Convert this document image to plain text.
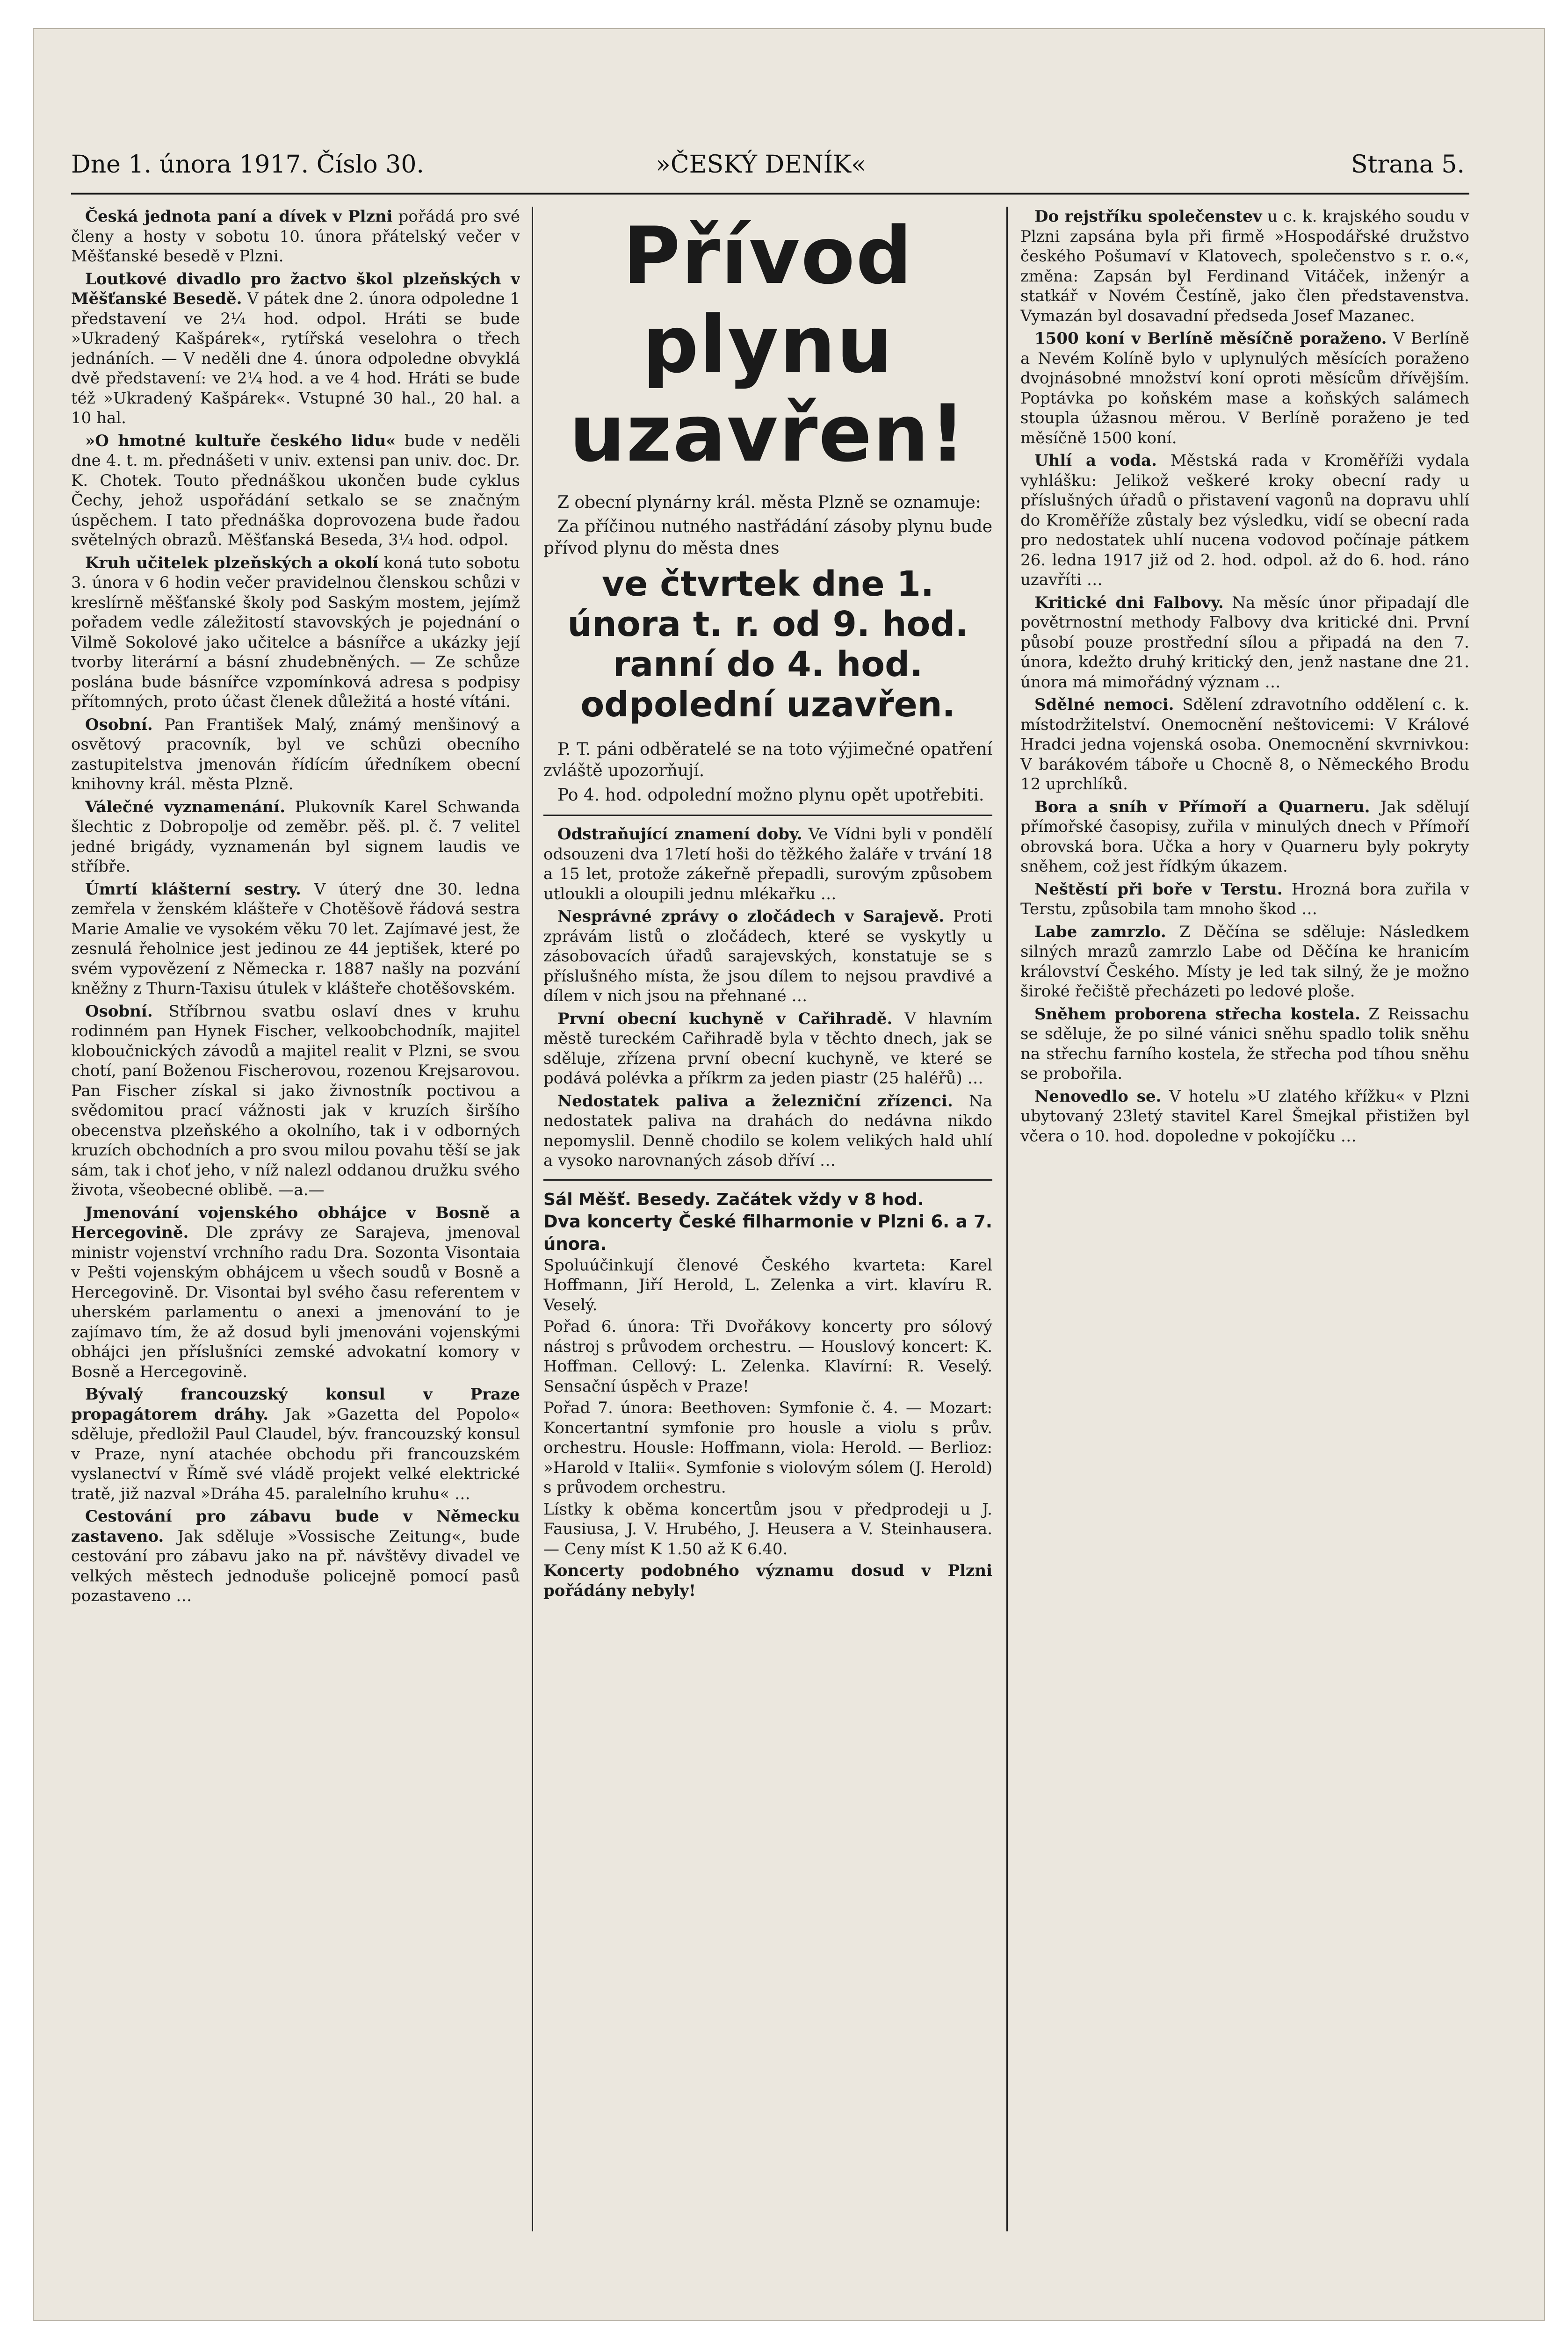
Dne 1. února 1917. Číslo 30.	»ČESKÝ DENÍK«	Strana 5.

Česká jednota paní a dívek v Plzni pořádá pro své členy a hosty v sobotu 10. února přátelský večer v Měšťanské besedě v Plzni.

Loutkové divadlo pro žactvo škol plzeňských v Měšťanské Besedě. V pátek dne 2. února odpoledne 1 představení ve 2¼ hod. odpol. Hráti se bude »Ukradený Kašpárek«, rytířská veselohra o třech jednáních. — V neděli dne 4. února odpoledne obvyklá dvě představení: ve 2¼ hod. a ve 4 hod. Hráti se bude též »Ukradený Kašpárek«. Vstupné 30 hal., 20 hal. a 10 hal.

»O hmotné kultuře českého lidu« bude v neděli dne 4. t. m. přednášeti v univ. extensi pan univ. doc. Dr. K. Chotek. Touto přednáškou ukončen bude cyklus Čechy, jehož uspořádání setkalo se se značným úspěchem. I tato přednáška doprovozena bude řadou světelných obrazů. Měšťanská Beseda, 3¼ hod. odpol.

Kruh učitelek plzeňských a okolí koná tuto sobotu 3. února v 6 hodin večer pravidelnou členskou schůzi v kreslírně měšťanské školy pod Saským mostem, jejímž pořadem vedle záležitostí stavovských je pojednání o Vilmě Sokolové jako učitelce a básnířce a ukázky její tvorby literární a básní zhudebněných. — Ze schůze poslána bude básnířce vzpomínková adresa s podpisy přítomných, proto účast členek důležitá a hosté vítáni.

Osobní. Pan František Malý, známý menšinový a osvětový pracovník, byl ve schůzi obecního zastupitelstva jmenován řídícím úředníkem obecní knihovny král. města Plzně.

Válečné vyznamenání. Plukovník Karel Schwanda šlechtic z Dobropolje od zeměbr. pěš. pl. č. 7 velitel jedné brigády, vyznamenán byl signem laudis ve stříbře.

Úmrtí klášterní sestry. V úterý dne 30. ledna zemřela v ženském klášteře v Chotěšově řádová sestra Marie Amalie ve vysokém věku 70 let. Zajímavé jest, že zesnulá řeholnice jest jedinou ze 44 jeptišek, které po svém vypovězení z Německa r. 1887 našly na pozvání kněžny z Thurn-Taxisu útulek v klášteře chotěšovském.

Osobní. Stříbrnou svatbu oslaví dnes v kruhu rodinném pan Hynek Fischer, velkoobchodník, majitel kloboučnických závodů a majitel realit v Plzni, se svou chotí, paní Boženou Fischerovou, rozenou Krejsarovou. Pan Fischer získal si jako živnostník poctivou a svědomitou prací vážnosti jak v kruzích širšího obecenstva plzeňského a okolního, tak i v odborných kruzích obchodních a pro svou milou povahu těší se jak sám, tak i choť jeho, v níž nalezl oddanou družku svého života, všeobecné oblibě. —a.—

Jmenování vojenského obhájce v Bosně a Hercegovině. Dle zprávy ze Sarajeva, jmenoval ministr vojenství vrchního radu Dra. Sozonta Visontaia v Pešti vojenským obhájcem u všech soudů v Bosně a Hercegovině. Dr. Visontai byl svého času referentem v uherském parlamentu o anexi a jmenování to je zajímavo tím, že až dosud byli jmenováni vojenskými obhájci jen příslušníci zemské advokatní komory v Bosně a Hercegovině.

Bývalý francouzský konsul v Praze propagátorem dráhy. Jak »Gazetta del Popolo« sděluje, předložil Paul Claudel, býv. francouzský konsul v Praze, nyní atachée obchodu při francouzském vyslanectví v Římě své vládě projekt velké elektrické tratě, již nazval »Dráha 45. paralelního kruhu« …

Cestování pro zábavu bude v Německu zastaveno. Jak sděluje »Vossische Zeitung«, bude cestování pro zábavu jako na př. návštěvy divadel ve velkých městech jednoduše policejně pomocí pasů pozastaveno …

Přívod plynu uzavřen!
Z obecní plynárny král. města Plzně se oznamuje:
Za příčinou nutného nastřádání zásoby plynu bude přívod plynu do města dnes
ve čtvrtek dne 1. února t. r. od 9. hod. ranní do 4. hod. odpolední uzavřen.
P. T. páni odběratelé se na toto výjimečné opatření zvláště upozorňují.
Po 4. hod. odpolední možno plynu opět upotřebiti.

Odstraňující znamení doby. Ve Vídni byli v pondělí odsouzeni dva 17letí hoši do těžkého žaláře v trvání 18 a 15 let, protože zákeřně přepadli, surovým způsobem utloukli a oloupili jednu mlékařku …

Nesprávné zprávy o zločádech v Sarajevě. Proti zprávám listů o zločádech, které se vyskytly u zásobovacích úřadů sarajevských, konstatuje se s příslušného místa, že jsou dílem to nejsou pravdivé a dílem v nich jsou na přehnané …

První obecní kuchyně v Cařihradě. V hlavním městě tureckém Cařihradě byla v těchto dnech, jak se sděluje, zřízena první obecní kuchyně, ve které se podává polévka a příkrm za jeden piastr (25 haléřů) …

Nedostatek paliva a železniční zřízenci. Na nedostatek paliva na drahách do nedávna nikdo nepomyslil. Denně chodilo se kolem velikých hald uhlí a vysoko narovnaných zásob dříví …

Sál Měšť. Besedy. Začátek vždy v 8 hod.
Dva koncerty České filharmonie v Plzni 6. a 7. února.

Spoluúčinkují členové Českého kvarteta: Karel Hoffmann, Jiří Herold, L. Zelenka a virt. klavíru R. Veselý.

Pořad 6. února: Tři Dvořákovy koncerty pro sólový nástroj s průvodem orchestru. — Houslový koncert: K. Hoffman. Cellový: L. Zelenka. Klavírní: R. Veselý. Sensační úspěch v Praze!

Pořad 7. února: Beethoven: Symfonie č. 4. — Mozart: Koncertantní symfonie pro housle a violu s prův. orchestru. Housle: Hoffmann, viola: Herold. — Berlioz: »Harold v Italii«. Symfonie s violovým sólem (J. Herold) s průvodem orchestru.

Lístky k oběma koncertům jsou v předprodeji u J. Fausiusa, J. V. Hrubého, J. Heusera a V. Steinhausera. — Ceny míst K 1.50 až K 6.40.

Koncerty podobného významu dosud v Plzni pořádány nebyly!

Do rejstříku společenstev u c. k. krajského soudu v Plzni zapsána byla při firmě »Hospodářské družstvo českého Pošumaví v Klatovech, společenstvo s r. o.«, změna: Zapsán byl Ferdinand Vitáček, inženýr a statkář v Novém Čestíně, jako člen představenstva. Vymazán byl dosavadní předseda Josef Mazanec.

1500 koní v Berlíně měsíčně poraženo. V Berlíně a Nevém Kolíně bylo v uplynulých měsících poraženo dvojnásobné množství koní oproti měsícům dřívějším. Poptávka po koňském mase a koňských salámech stoupla úžasnou měrou. V Berlíně poraženo je teď měsíčně 1500 koní.

Uhlí a voda. Městská rada v Kroměříži vydala vyhlášku: Jelikož veškeré kroky obecní rady u příslušných úřadů o přistavení vagonů na dopravu uhlí do Kroměříže zůstaly bez výsledku, vidí se obecní rada pro nedostatek uhlí nucena vodovod počínaje pátkem 26. ledna 1917 již od 2. hod. odpol. až do 6. hod. ráno uzavříti …

Kritické dni Falbovy. Na měsíc únor připadají dle povětrnostní methody Falbovy dva kritické dni. První působí pouze prostřední sílou a připadá na den 7. února, kdežto druhý kritický den, jenž nastane dne 21. února má mimořádný význam …

Sdělné nemoci. Sdělení zdravotního oddělení c. k. místodržitelství. Onemocnění neštovicemi: V Králové Hradci jedna vojenská osoba. Onemocnění skvrnivkou: V barákovém táboře u Chocně 8, o Německého Brodu 12 uprchlíků.

Bora a sníh v Přímoří a Quarneru. Jak sdělují přímořské časopisy, zuřila v minulých dnech v Přímoří obrovská bora. Učka a hory v Quarneru byly pokryty sněhem, což jest řídkým úkazem.

Neštěstí při boře v Terstu. Hrozná bora zuřila v Terstu, způsobila tam mnoho škod …

Labe zamrzlo. Z Děčína se sděluje: Následkem silných mrazů zamrzlo Labe od Děčína ke hranicím království Českého. Místy je led tak silný, že je možno široké řečiště přecházeti po ledové ploše.

Sněhem proborena střecha kostela. Z Reissachu se sděluje, že po silné vánici sněhu spadlo tolik sněhu na střechu farního kostela, že střecha pod tíhou sněhu se probořila.

Nenovedlo se. V hotelu »U zlatého křížku« v Plzni ubytovaný 23letý stavitel Karel Šmejkal přistižen byl včera o 10. hod. dopoledne v pokojíčku …
